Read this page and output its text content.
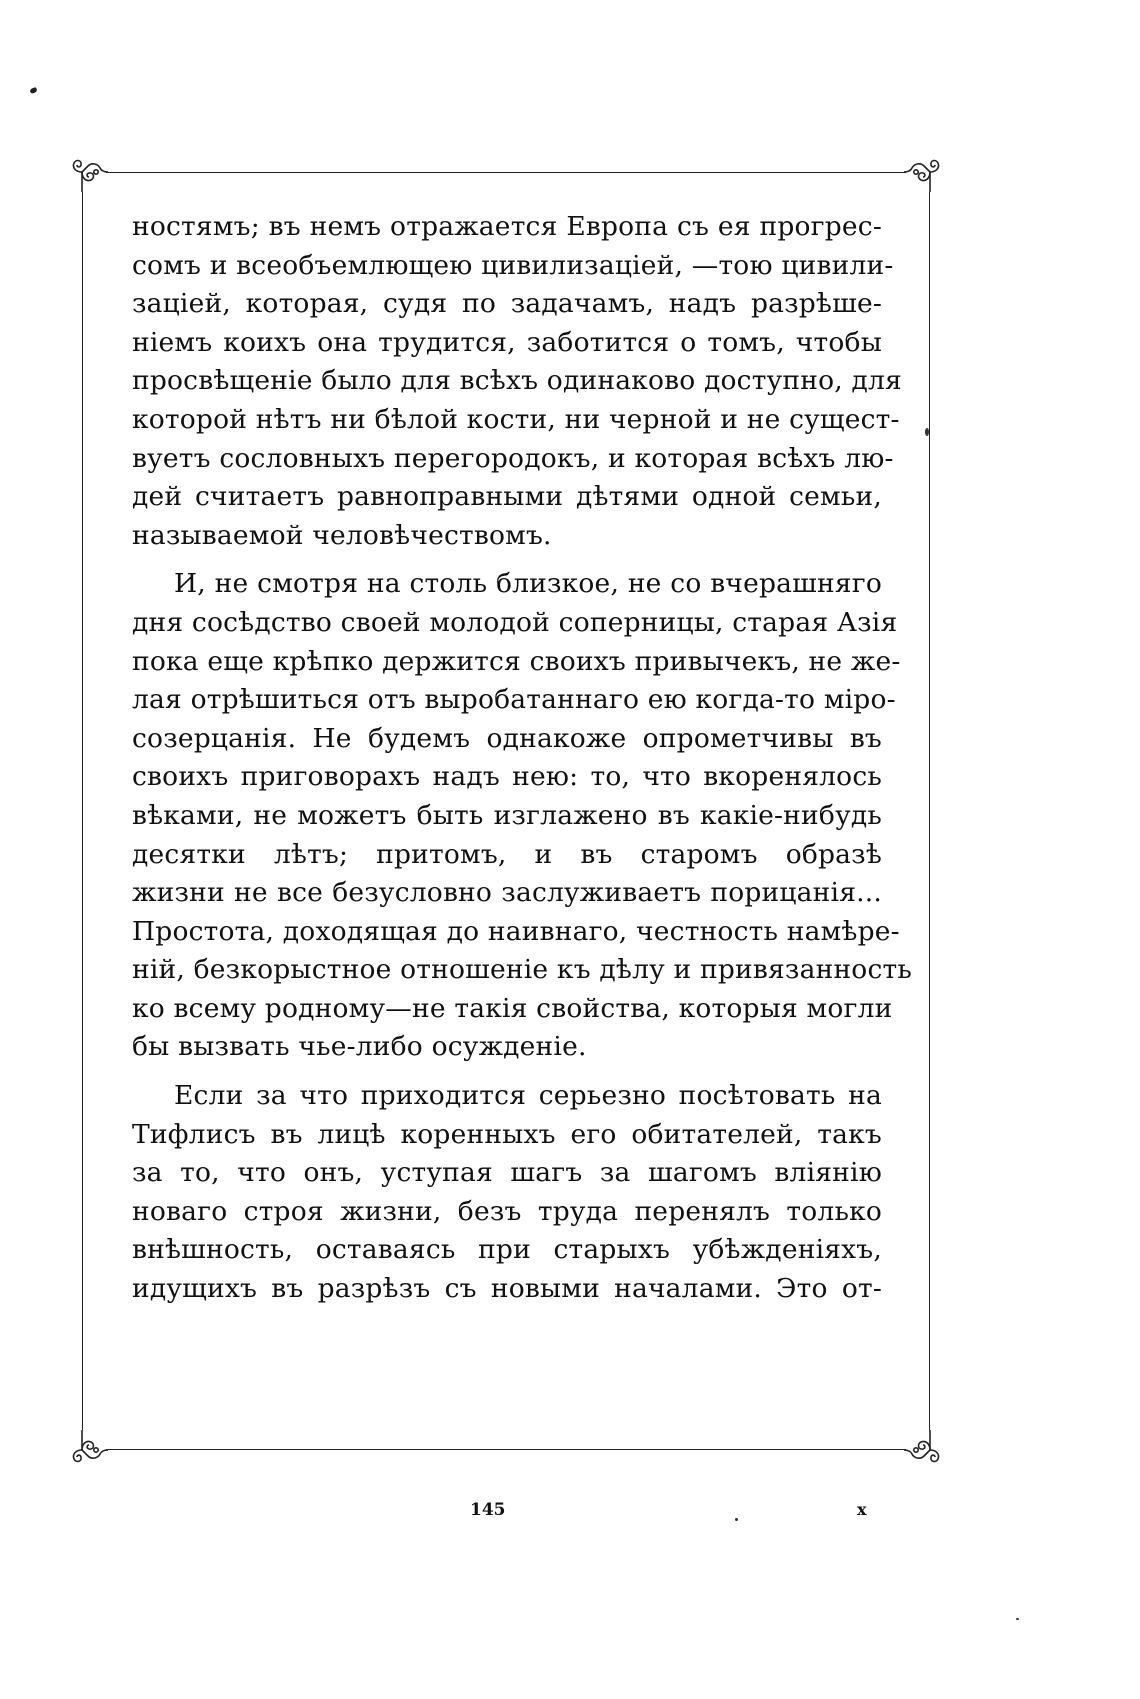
ностямъ; въ немъ отражается Европа съ ея прогрес-
сомъ и всеобъемлющею цивилизацiей, —тою цивили-
зацiей, которая, судя по задачамъ, надъ разрѣше-
нiемъ коихъ она трудится, заботится о томъ, чтобы
просвѣщенiе было для всѣхъ одинаково доступно, для
которой нѣтъ ни бѣлой кости, ни черной и не сущест-
вуетъ сословныхъ перегородокъ, и которая всѣхъ лю-
дей считаетъ равноправными дѣтями одной семьи,
называемой человѣчествомъ.

И, не смотря на столь близкое, не со вчерашняго
дня сосѣдство своей молодой соперницы, старая Азiя
пока еще крѣпко держится своихъ привычекъ, не же-
лая отрѣшиться отъ выробатаннаго ею когда-то мiро-
созерцанiя. Не будемъ однакоже опрометчивы въ
своихъ приговорахъ надъ нею: то, что вкоренялось
вѣками, не можетъ быть изглажено въ какiе-нибудь
десятки лѣтъ; притомъ, и въ старомъ образѣ
жизни не все безусловно заслуживаетъ порицанiя...
Простота, доходящая до наивнаго, честность намѣре-
нiй, безкорыстное отношенiе къ дѣлу и привязанность
ко всему родному—не такiя свойства, которыя могли
бы вызвать чье-либо осужденiе.

Если за что приходится серьезно посѣтовать на
Тифлисъ въ лицѣ коренныхъ его обитателей, такъ
за то, что онъ, уступая шагъ за шагомъ влiянiю
новаго строя жизни, безъ труда перенялъ только
внѣшность, оставаясь при старыхъ убѣжденiяхъ,
идущихъ въ разрѣзъ съ новыми началами. Это от-

145	x
